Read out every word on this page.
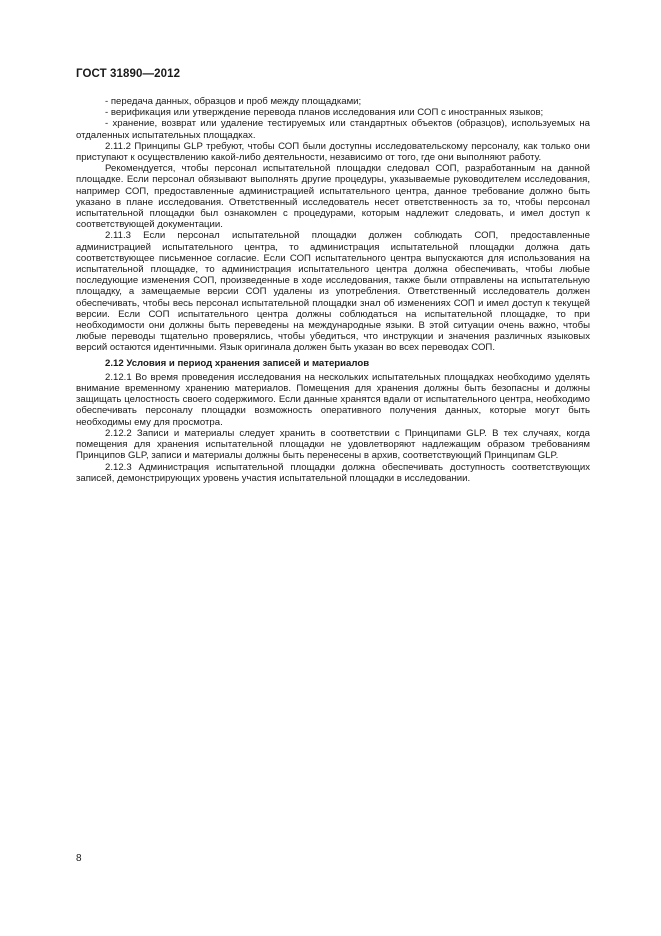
ГОСТ 31890—2012

- передача данных, образцов и проб между площадками;

- верификация или утверждение перевода планов исследования или СОП с иностранных языков;

- хранение, возврат или удаление тестируемых или стандартных объектов (образцов), используемых на отдаленных испытательных площадках.

2.11.2 Принципы GLP требуют, чтобы СОП были доступны исследовательскому персоналу, как только они приступают к осуществлению какой-либо деятельности, независимо от того, где они выполняют работу.

Рекомендуется, чтобы персонал испытательной площадки следовал СОП, разработанным на данной площадке. Если персонал обязывают выполнять другие процедуры, указываемые руководителем исследования, например СОП, предоставленные администрацией испытательного центра, данное требование должно быть указано в плане исследования. Ответственный исследователь несет ответственность за то, чтобы персонал испытательной площадки был ознакомлен с процедурами, которым надлежит следовать, и имел доступ к соответствующей документации.

2.11.3 Если персонал испытательной площадки должен соблюдать СОП, предоставленные администрацией испытательного центра, то администрация испытательной площадки должна дать соответствующее письменное согласие. Если СОП испытательного центра выпускаются для использования на испытательной площадке, то администрация испытательного центра должна обеспечивать, чтобы любые последующие изменения СОП, произведенные в ходе исследования, также были отправлены на испытательную площадку, а замещаемые версии СОП удалены из употребления. Ответственный исследователь должен обеспечивать, чтобы весь персонал испытательной площадки знал об изменениях СОП и имел доступ к текущей версии. Если СОП испытательного центра должны соблюдаться на испытательной площадке, то при необходимости они должны быть переведены на международные языки. В этой ситуации очень важно, чтобы любые переводы тщательно проверялись, чтобы убедиться, что инструкции и значения различных языковых версий остаются идентичными. Язык оригинала должен быть указан во всех переводах СОП.

2.12 Условия и период хранения записей и материалов

2.12.1 Во время проведения исследования на нескольких испытательных площадках необходимо уделять внимание временному хранению материалов. Помещения для хранения должны быть безопасны и должны защищать целостность своего содержимого. Если данные хранятся вдали от испытательного центра, необходимо обеспечивать персоналу площадки возможность оперативного получения данных, которые могут быть необходимы ему для просмотра.

2.12.2 Записи и материалы следует хранить в соответствии с Принципами GLP. В тех случаях, когда помещения для хранения испытательной площадки не удовлетворяют надлежащим образом требованиям Принципов GLP, записи и материалы должны быть перенесены в архив, соответствующий Принципам GLP.

2.12.3 Администрация испытательной площадки должна обеспечивать доступность соответствующих записей, демонстрирующих уровень участия испытательной площадки в исследовании.

8
